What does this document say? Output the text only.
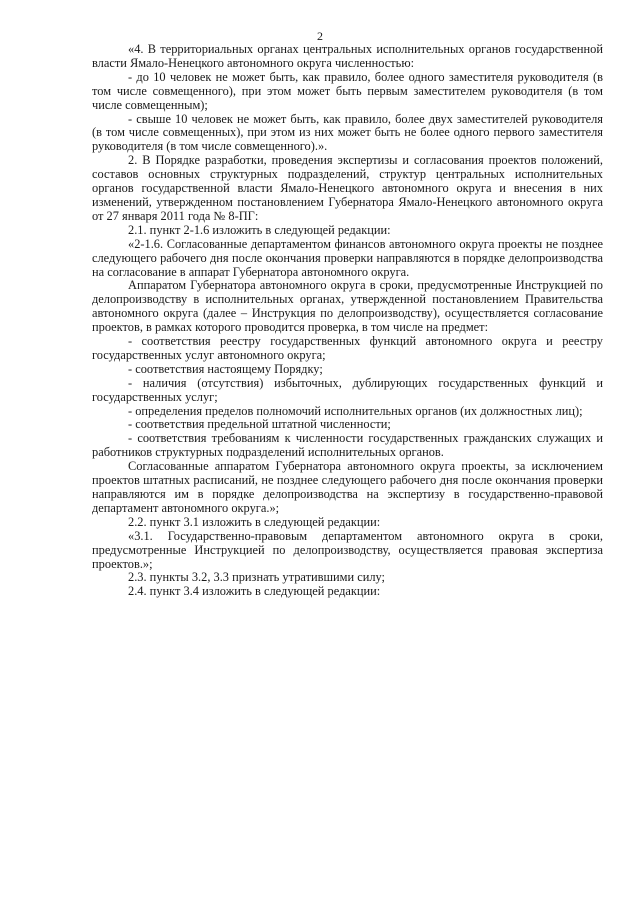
2

«4. В территориальных органах центральных исполнительных органов государственной власти Ямало-Ненецкого автономного округа численностью:

- до 10 человек не может быть, как правило, более одного заместителя руководителя (в том числе совмещенного), при этом может быть первым заместителем руководителя (в том числе совмещенным);

- свыше 10 человек не может быть, как правило, более двух заместителей руководителя (в том числе совмещенных), при этом из них может быть не более одного первого заместителя руководителя (в том числе совмещенного).».

2. В Порядке разработки, проведения экспертизы и согласования проектов положений, составов основных структурных подразделений, структур центральных исполнительных органов государственной власти Ямало-Ненецкого автономного округа и внесения в них изменений, утвержденном постановлением Губернатора Ямало-Ненецкого автономного округа от 27 января 2011 года № 8-ПГ:

2.1. пункт 2-1.6 изложить в следующей редакции:

«2-1.6. Согласованные департаментом финансов автономного округа проекты не позднее следующего рабочего дня после окончания проверки направляются в порядке делопроизводства на согласование в аппарат Губернатора автономного округа.

Аппаратом Губернатора автономного округа в сроки, предусмотренные Инструкцией по делопроизводству в исполнительных органах, утвержденной постановлением Правительства автономного округа (далее – Инструкция по делопроизводству), осуществляется согласование проектов, в рамках которого проводится проверка, в том числе на предмет:

- соответствия реестру государственных функций автономного округа и реестру государственных услуг автономного округа;

- соответствия настоящему Порядку;

- наличия (отсутствия) избыточных, дублирующих государственных функций и государственных услуг;

- определения пределов полномочий исполнительных органов (их должностных лиц);

- соответствия предельной штатной численности;

- соответствия требованиям к численности государственных гражданских служащих и работников структурных подразделений исполнительных органов.

Согласованные аппаратом Губернатора автономного округа проекты, за исключением проектов штатных расписаний, не позднее следующего рабочего дня после окончания проверки направляются им в порядке делопроизводства на экспертизу в государственно-правовой департамент автономного округа.»;

2.2. пункт 3.1 изложить в следующей редакции:

«3.1. Государственно-правовым департаментом автономного округа в сроки, предусмотренные Инструкцией по делопроизводству, осуществляется правовая экспертиза проектов.»;

2.3. пункты 3.2, 3.3 признать утратившими силу;

2.4. пункт 3.4 изложить в следующей редакции:
